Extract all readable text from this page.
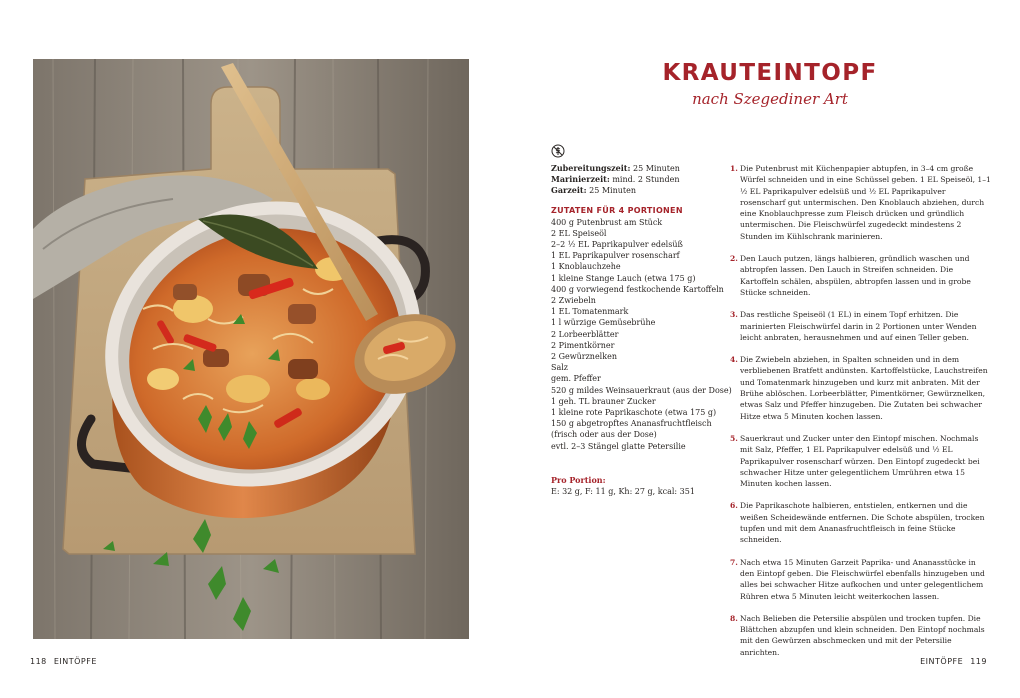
KRAUTEINTOPF
nach Szegediner Art
Zubereitungszeit: 25 Minuten
Marinierzeit: mind. 2 Stunden
Garzeit: 25 Minuten
ZUTATEN FÜR 4 PORTIONEN
400 g Putenbrust am Stück
2 EL Speiseöl
2–2 ½ EL Paprikapulver edelsüß
1 EL Paprikapulver rosenscharf
1 Knoblauchzehe
1 kleine Stange Lauch (etwa 175 g)
400 g vorwiegend festkochende Kartoffeln
2 Zwiebeln
1 EL Tomatenmark
1 l würzige Gemüsebrühe
2 Lorbeerblätter
2 Pimentkörner
2 Gewürznelken
Salz
gem. Pfeffer
520 g mildes Weinsauerkraut (aus der Dose)
1 geh. TL brauner Zucker
1 kleine rote Paprikaschote (etwa 175 g)
150 g abgetropftes Ananasfruchtfleisch
(frisch oder aus der Dose)
evtl. 2–3 Stängel glatte Petersilie
Pro Portion:
E: 32 g, F: 11 g, Kh: 27 g, kcal: 351
1. Die Putenbrust mit Küchenpapier abtupfen, in 3–4 cm große Würfel schneiden und in eine Schüssel geben. 1 EL Speiseöl, 1–1 ½ EL Paprikapulver edelsüß und ½ EL Paprikapulver rosenscharf gut untermischen. Den Knoblauch abziehen, durch eine Knoblauchpresse zum Fleisch drücken und gründlich untermischen. Die Fleischwürfel zugedeckt mindestens 2 Stunden im Kühlschrank marinieren.
2. Den Lauch putzen, längs halbieren, gründlich waschen und abtropfen lassen. Den Lauch in Streifen schneiden. Die Kartoffeln schälen, abspülen, abtropfen lassen und in grobe Stücke schneiden.
3. Das restliche Speiseöl (1 EL) in einem Topf erhitzen. Die marinierten Fleischwürfel darin in 2 Portionen unter Wenden leicht anbraten, herausnehmen und auf einen Teller geben.
4. Die Zwiebeln abziehen, in Spalten schneiden und in dem verbliebenen Bratfett andünsten. Kartoffelstücke, Lauchstreifen und Tomatenmark hinzugeben und kurz mit anbraten. Mit der Brühe ablöschen. Lorbeerblätter, Pimentkörner, Gewürznelken, etwas Salz und Pfeffer hinzugeben. Die Zutaten bei schwacher Hitze etwa 5 Minuten kochen lassen.
5. Sauerkraut und Zucker unter den Eintopf mischen. Nochmals mit Salz, Pfeffer, 1 EL Paprikapulver edelsüß und ½ EL Paprikapulver rosenscharf würzen. Den Eintopf zugedeckt bei schwacher Hitze unter gelegentlichem Umrühren etwa 15 Minuten kochen lassen.
6. Die Paprikaschote halbieren, entstielen, entkernen und die weißen Scheidewände entfernen. Die Schote abspülen, trocken tupfen und mit dem Ananasfruchtfleisch in feine Stücke schneiden.
7. Nach etwa 15 Minuten Garzeit Paprika- und Ananasstücke in den Eintopf geben. Die Fleischwürfel ebenfalls hinzugeben und alles bei schwacher Hitze aufkochen und unter gelegentlichem Rühren etwa 5 Minuten leicht weiterkochen lassen.
8. Nach Belieben die Petersilie abspülen und trocken tupfen. Die Blättchen abzupfen und klein schneiden. Den Eintopf nochmals mit den Gewürzen abschmecken und mit der Petersilie anrichten.
118 EINTÖPFE	EINTÖPFE 119
